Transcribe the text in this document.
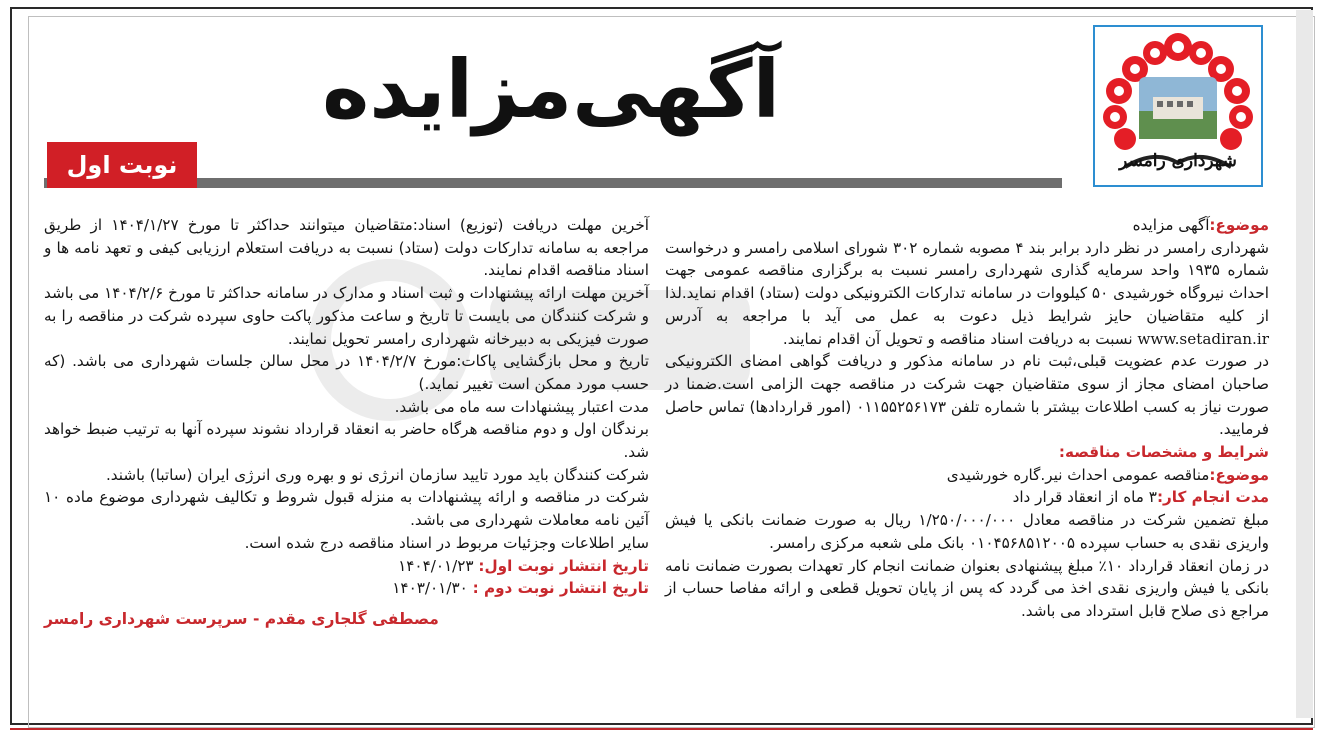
شهرداری رامسر
آگهی‌مزایده
نوبت اول

موضوع:آگهی مزایده

شهرداری رامسر در نظر دارد برابر بند ۴ مصوبه شماره ۳۰۲ شورای اسلامی رامسر و درخواست شماره ۱۹۳۵ واحد سرمایه گذاری شهرداری رامسر نسبت به برگزاری مناقصه عمومی جهت احداث نیروگاه خورشیدی ۵۰ کیلووات در سامانه تدارکات الکترونیکی دولت (ستاد) اقدام نماید.لذا از کلیه متقاضیان حایز شرایط ذیل دعوت به عمل می آید با مراجعه به آدرس www.setadiran.ir نسبت به دریافت اسناد مناقصه و تحویل آن اقدام نمایند.

در صورت عدم عضویت قبلی،ثبت نام در سامانه مذکور و دریافت گواهی امضای الکترونیکی صاحبان امضای مجاز از سوی متقاضیان جهت شرکت در مناقصه جهت الزامی است.ضمنا در صورت نیاز به کسب اطلاعات بیشتر با شماره تلفن ۰۱۱۵۵۲۵۶۱۷۳ (امور قراردادها) تماس حاصل فرمایید.

شرایط و مشخصات مناقصه:

موضوع:مناقصه عمومی احداث نیر.گاره خورشیدی

مدت انجام کار:۳ ماه از انعقاد قرار داد

مبلغ تضمین شرکت در مناقصه معادل ۱/۲۵۰/۰۰۰/۰۰۰ ریال به صورت ضمانت بانکی یا فیش واریزی نقدی به حساب سپرده ۰۱۰۴۵۶۸۵۱۲۰۰۵ بانک ملی شعبه مرکزی رامسر.

در زمان انعقاد قرارداد ۱۰٪ مبلغ پیشنهادی بعنوان ضمانت انجام کار تعهدات بصورت ضمانت نامه بانکی یا فیش واریزی نقدی اخذ می گردد که پس از پایان تحویل قطعی و ارائه مفاصا حساب از مراجع ذی صلاح قابل استرداد می باشد.

آخرین مهلت دریافت (توزیع) اسناد:متقاضیان میتوانند حداکثر تا مورخ ۱۴۰۴/۱/۲۷ از طریق مراجعه به سامانه تدارکات دولت (ستاد) نسبت به دریافت استعلام ارزیابی کیفی و تعهد نامه ها و اسناد مناقصه اقدام نمایند.

آخرین مهلت ارائه پیشنهادات و ثبت اسناد و مدارک در سامانه حداکثر تا مورخ ۱۴۰۴/۲/۶ می باشد و شرکت کنندگان می بایست تا تاریخ و ساعت مذکور پاکت حاوی سپرده شرکت در مناقصه را به صورت فیزیکی به دبیرخانه شهرداری رامسر تحویل نمایند.

تاریخ و محل بازگشایی پاکات:مورخ ۱۴۰۴/۲/۷ در محل سالن جلسات شهرداری می باشد. (که حسب مورد ممکن است تغییر نماید.)

مدت اعتبار پیشنهادات سه ماه می باشد.

برندگان اول و دوم مناقصه هرگاه حاضر به انعقاد قرارداد نشوند سپرده آنها به ترتیب ضبط خواهد شد.

شرکت کنندگان باید مورد تایید سازمان انرژی نو و بهره وری انرژی ایران (ساتبا) باشند.

شرکت در مناقصه و ارائه پیشنهادات به منزله قبول شروط و تکالیف شهرداری موضوع ماده ۱۰ آئین نامه معاملات شهرداری می باشد.

سایر اطلاعات وجزئیات مربوط در اسناد مناقصه درج شده است.

تاریخ انتشار نوبت اول: ۱۴۰۴/۰۱/۲۳

تاریخ انتشار نوبت دوم : ۱۴۰۳/۰۱/۳۰

مصطفی گلجاری مقدم - سرپرست شهرداری رامسر
